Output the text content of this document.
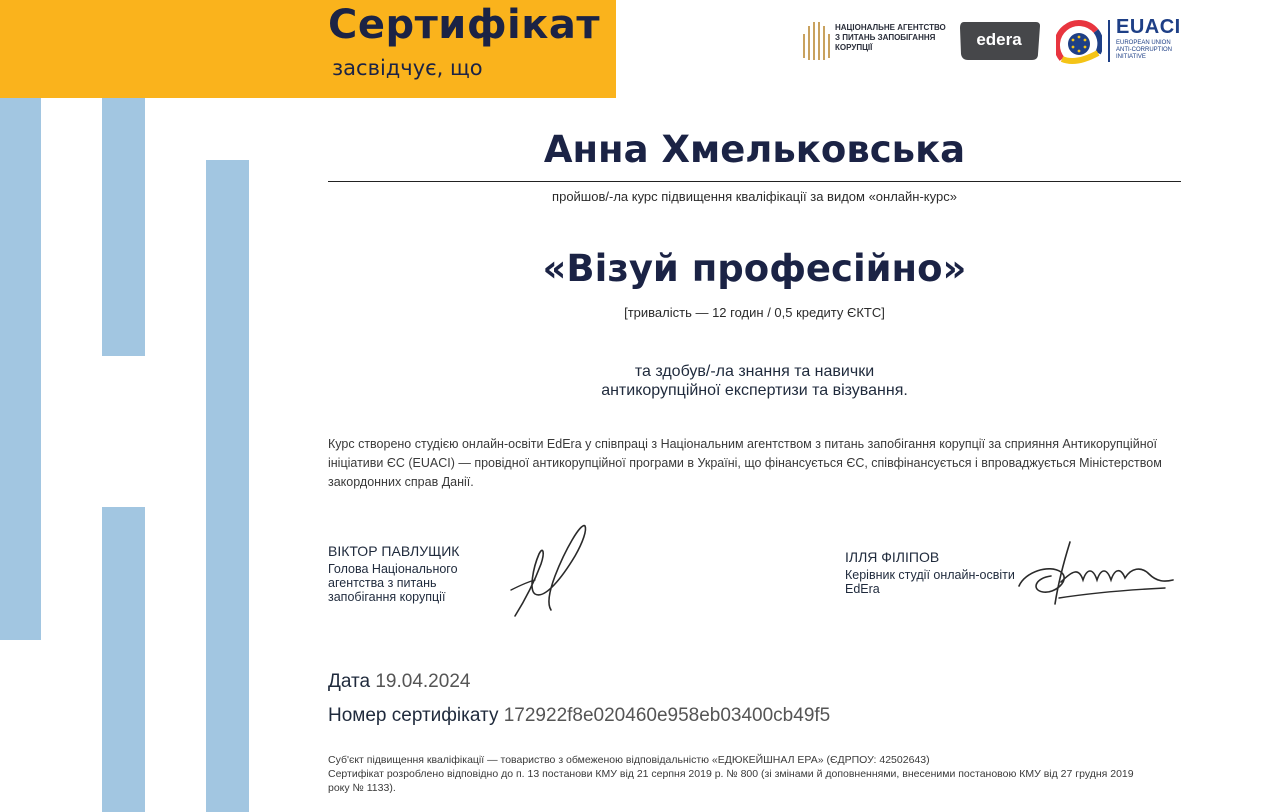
Сертифікат
засвідчує, що
НАЦІОНАЛЬНЕ АГЕНТСТВО
З ПИТАНЬ ЗАПОБІГАННЯ
КОРУПЦІЇ	edera
EUACI
EUROPEAN UNION
ANTI-CORRUPTION
INITIATIVE
Анна Хмельковська
пройшов/-ла курс підвищення кваліфікації за видом «онлайн-курс»
«Візуй професійно»
[тривалість — 12 годин / 0,5 кредиту ЄКТС]
та здобув/-ла знання та навички
антикорупційної експертизи та візування.
Курс створено студією онлайн-освіти EdEra у співпраці з Національним агентством з питань запобігання корупції за сприяння Антикорупційної ініціативи ЄС (EUACI) — провідної антикорупційної програми в Україні, що фінансується ЄС, співфінансується і впроваджується Міністерством закордонних справ Данії.
ВІКТОР ПАВЛУЩИК
Голова Національного агентства з питань запобігання корупції
ІЛЛЯ ФІЛІПОВ
Керівник студії онлайн-освіти EdEra
Дата 19.04.2024
Номер сертифікату 172922f8e020460e958eb03400cb49f5
Суб'єкт підвищення кваліфікації — товариство з обмеженою відповідальністю «ЕДЮКЕЙШНАЛ ЕРА» (ЄДРПОУ: 42502643)
Сертифікат розроблено відповідно до п. 13 постанови КМУ від 21 серпня 2019 р. № 800 (зі змінами й доповненнями, внесеними постановою КМУ від 27 грудня 2019 року № 1133).
